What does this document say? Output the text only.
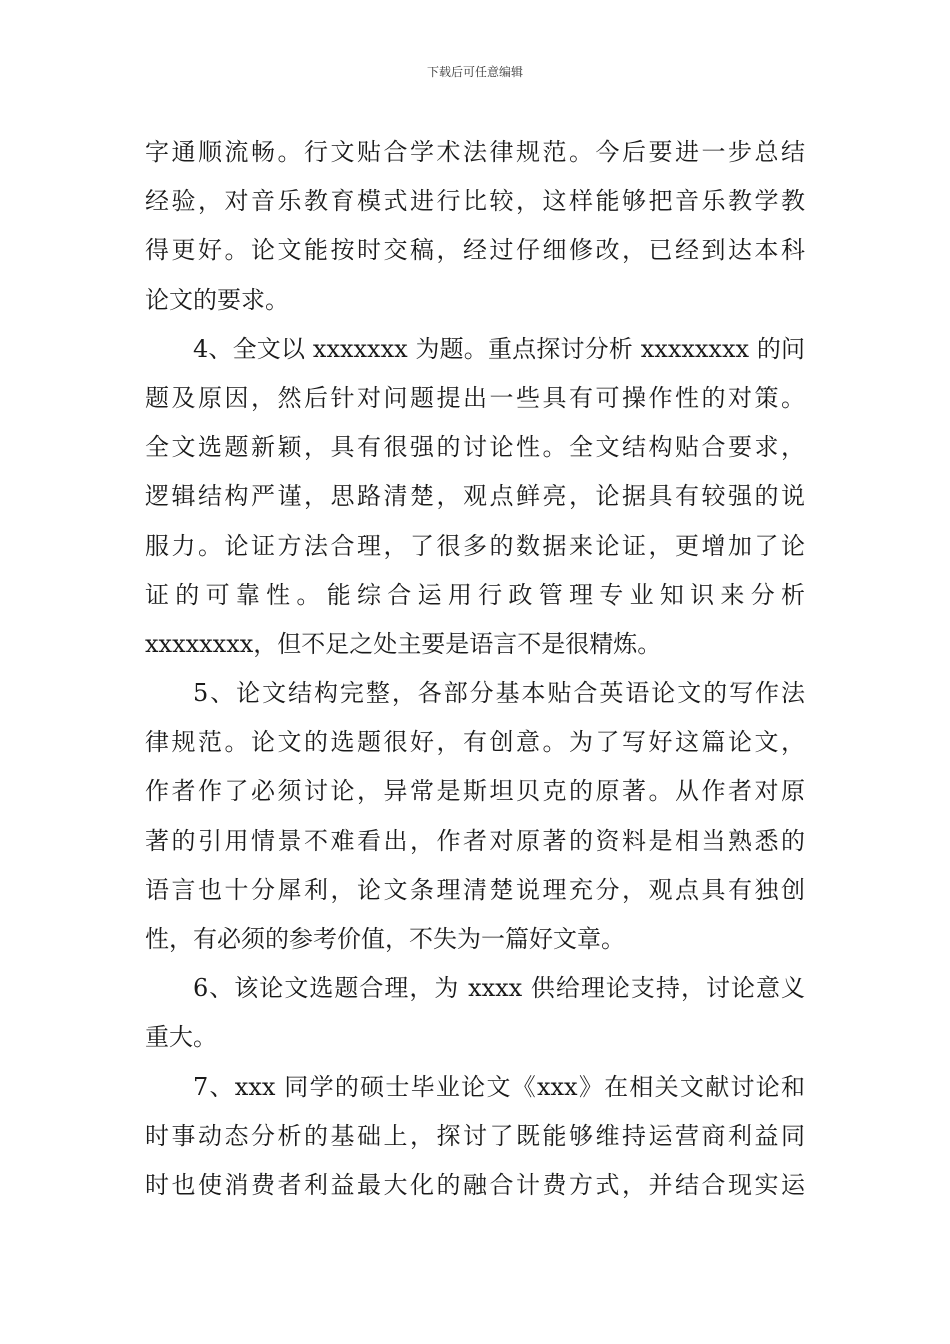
下载后可任意编辑
字通顺流畅。行文贴合学术法律规范。今后要进一步总结
经验，对音乐教育模式进行比较，这样能够把音乐教学教
得更好。论文能按时交稿，经过仔细修改，已经到达本科
论文的要求。
4、全文以 xxxxxxx 为题。重点探讨分析 xxxxxxxx 的问
题及原因，然后针对问题提出一些具有可操作性的对策。
全文选题新颖，具有很强的讨论性。全文结构贴合要求，
逻辑结构严谨，思路清楚，观点鲜亮，论据具有较强的说
服力。论证方法合理，了很多的数据来论证，更增加了论
证的可靠性。能综合运用行政管理专业知识来分析
xxxxxxxx，但不足之处主要是语言不是很精炼。
5、论文结构完整，各部分基本贴合英语论文的写作法
律规范。论文的选题很好，有创意。为了写好这篇论文，
作者作了必须讨论，异常是斯坦贝克的原著。从作者对原
著的引用情景不难看出，作者对原著的资料是相当熟悉的
语言也十分犀利，论文条理清楚说理充分，观点具有独创
性，有必须的参考价值，不失为一篇好文章。
6、该论文选题合理，为 xxxx 供给理论支持，讨论意义
重大。
7、xxx 同学的硕士毕业论文《xxx》在相关文献讨论和
时事动态分析的基础上，探讨了既能够维持运营商利益同
时也使消费者利益最大化的融合计费方式，并结合现实运
